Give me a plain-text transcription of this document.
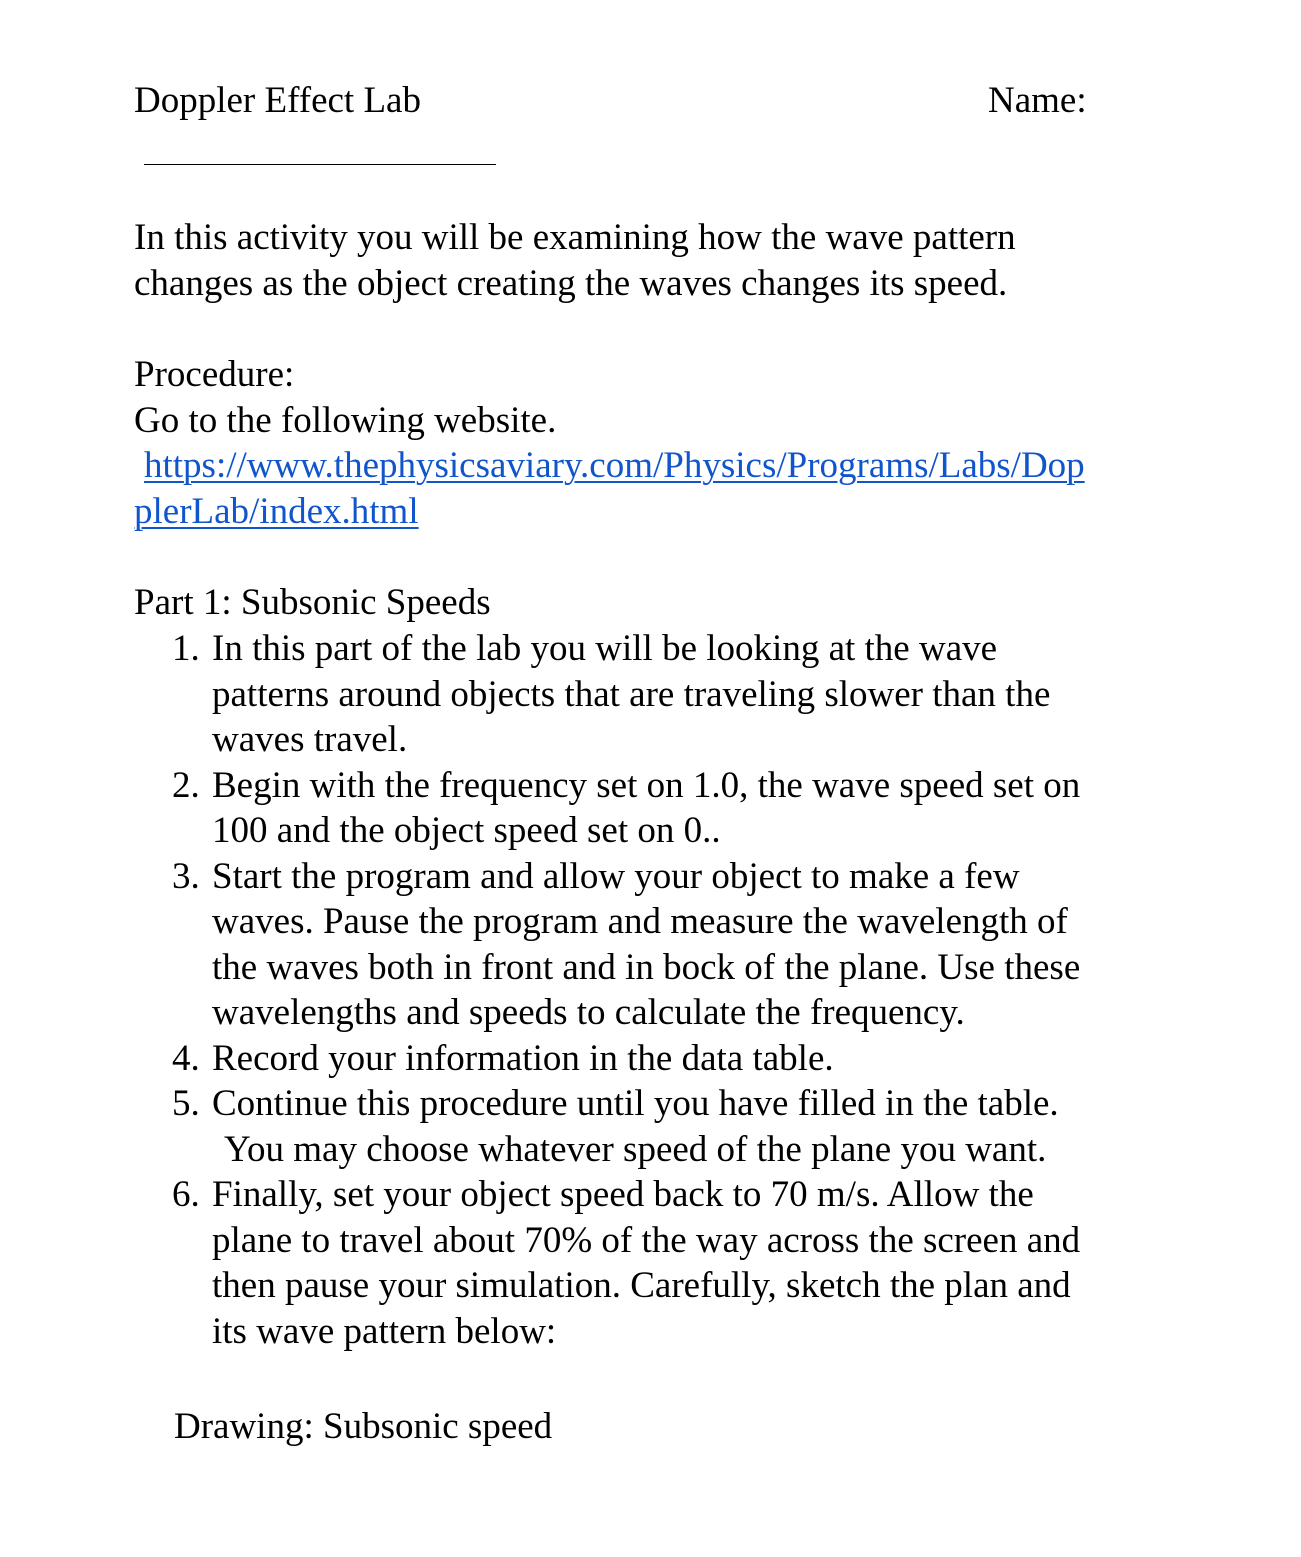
Doppler Effect Lab	Name:
In this activity you will be examining how the wave pattern
changes as the object creating the waves changes its speed.
Procedure:
Go to the following website.
https://www.thephysicsaviary.com/Physics/Programs/Labs/Dop
plerLab/index.html
Part 1: Subsonic Speeds
1. In this part of the lab you will be looking at the wave
patterns around objects that are traveling slower than the
waves travel.
2. Begin with the frequency set on 1.0, the wave speed set on
100 and the object speed set on 0..
3. Start the program and allow your object to make a few
waves. Pause the program and measure the wavelength of
the waves both in front and in bock of the plane. Use these
wavelengths and speeds to calculate the frequency.
4. Record your information in the data table.
5. Continue this procedure until you have filled in the table.
You may choose whatever speed of the plane you want.
6. Finally, set your object speed back to 70 m/s. Allow the
plane to travel about 70% of the way across the screen and
then pause your simulation. Carefully, sketch the plan and
its wave pattern below:
Drawing: Subsonic speed
